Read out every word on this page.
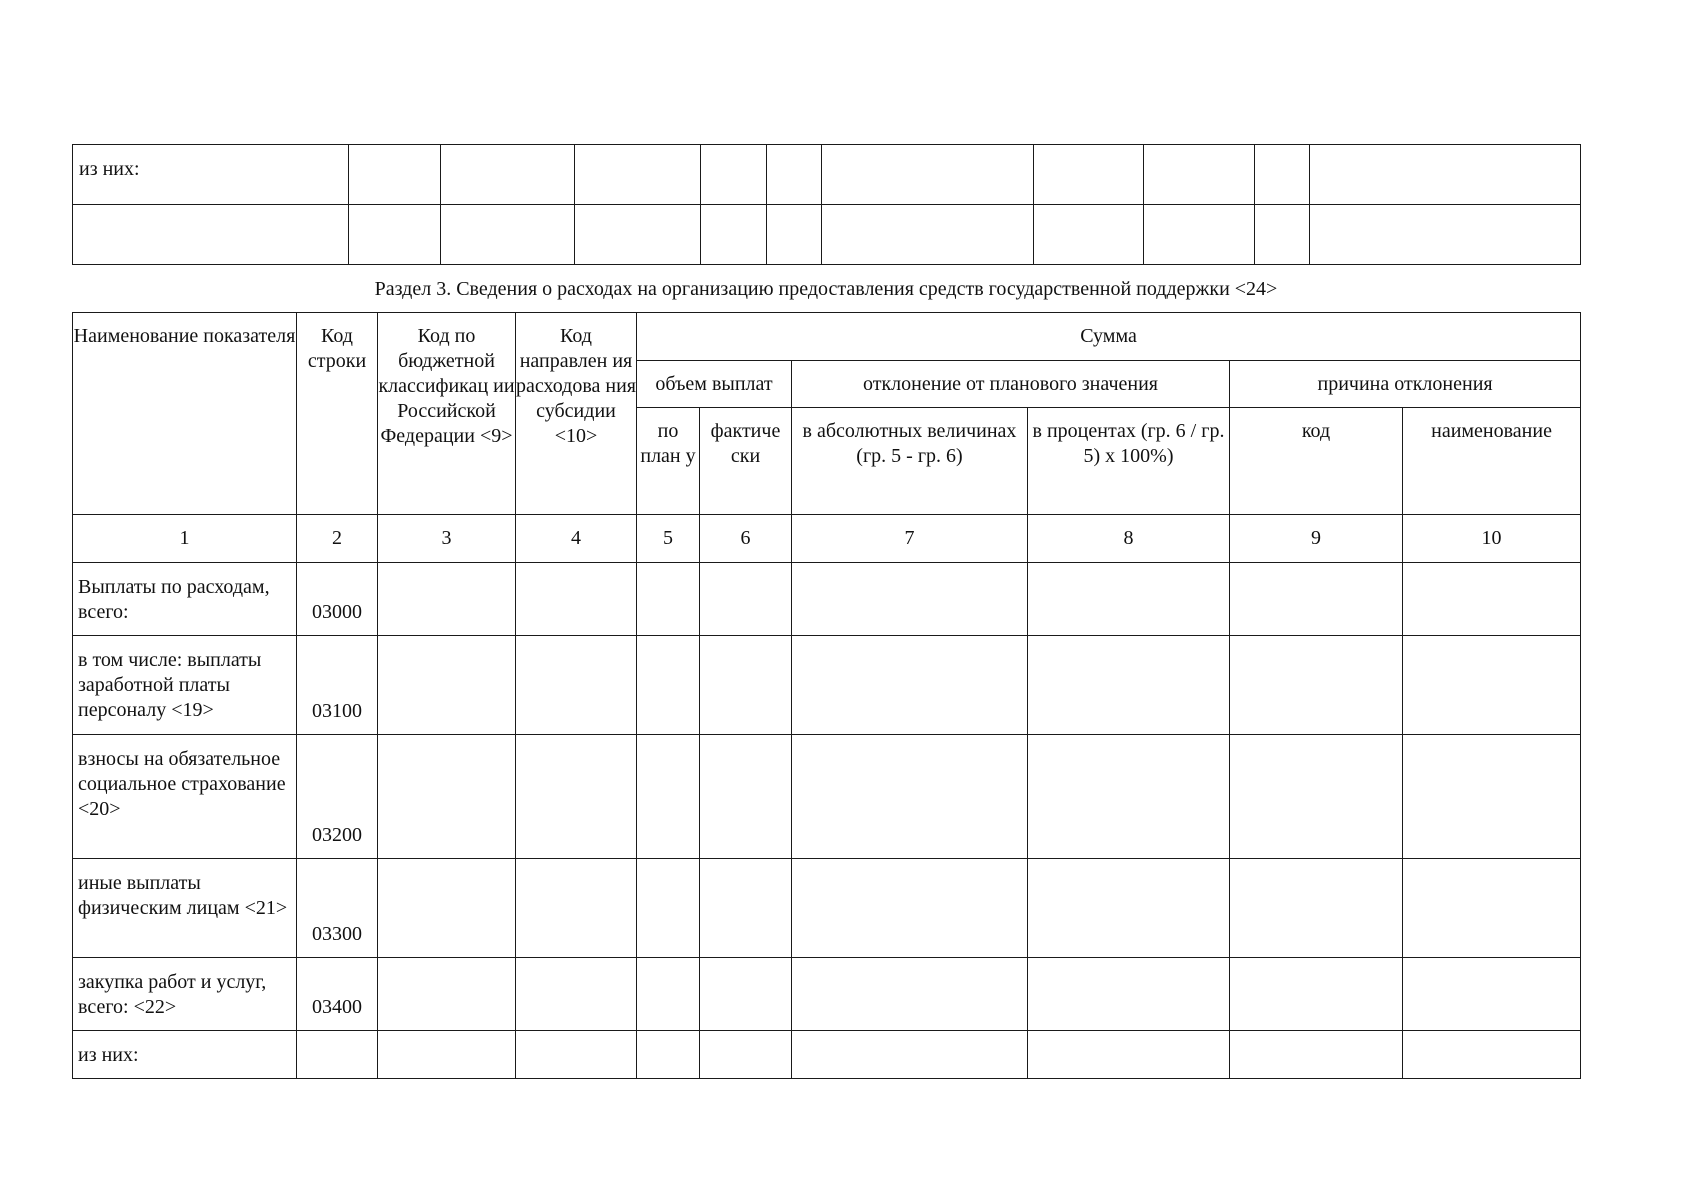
из них:										

Раздел 3. Сведения о расходах на организацию предоставления средств государственной поддержки <24>
Наименование показателя	Код строки	Код по бюджетной классификац ии Российской Федерации <9>	Код направлен ия расходова ния субсидии <10>	Сумма					
				объем выплат		отклонение от планового значения		причина отклонения	
				по план у	фактиче ски	в абсолютных величинах (гр. 5 - гр. 6)	в процентах (гр. 6 / гр. 5) x 100%)	код	наименование
1	2	3	4	5	6	7	8	9	10
Выплаты по расходам, всего:	03000								
в том числе: выплаты заработной платы персоналу <19>	03100								
взносы на обязательное социальное страхование <20>	03200								
иные выплаты физическим лицам <21>	03300								
закупка работ и услуг, всего: <22>	03400								
из них:									
